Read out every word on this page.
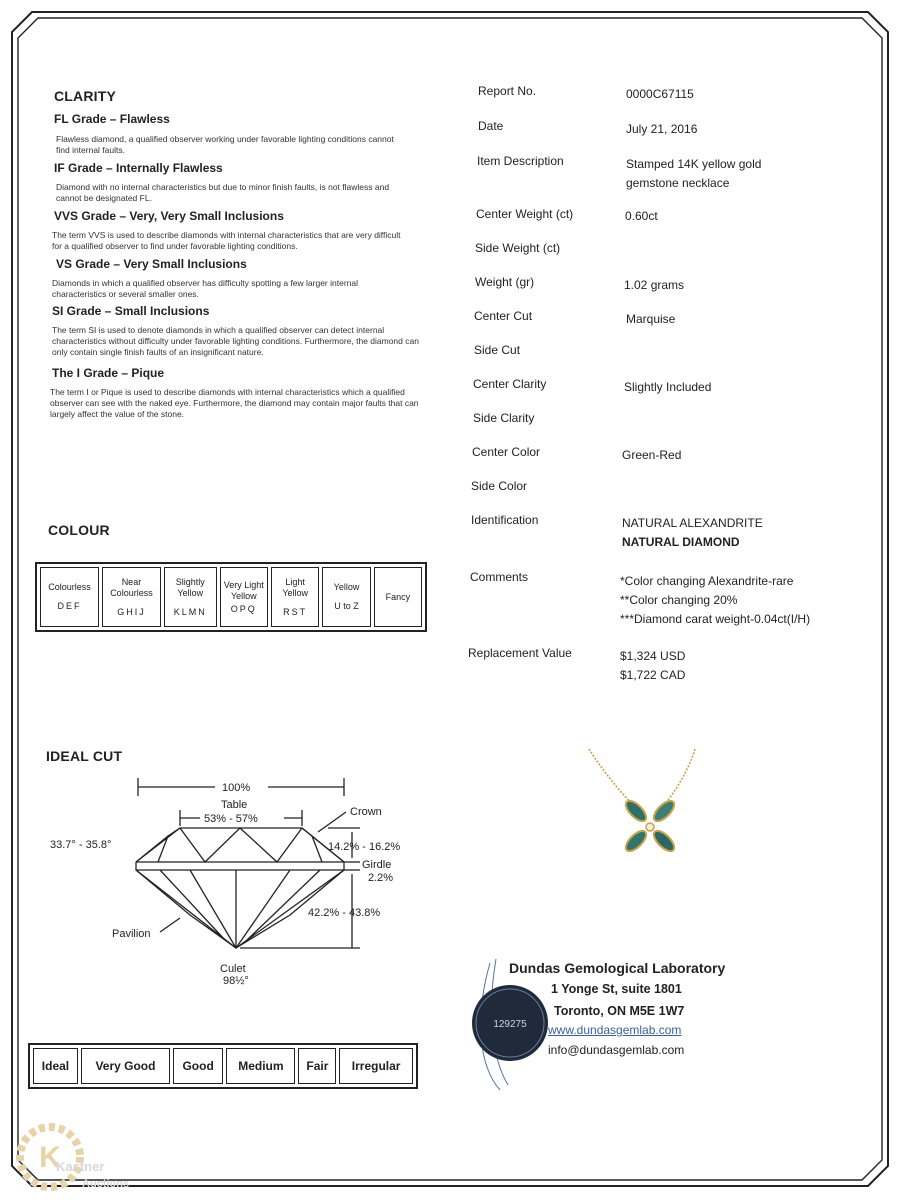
CLARITY
FL Grade – Flawless
Flawless diamond, a qualified observer working under favorable lighting conditions cannot find internal faults.
IF Grade – Internally Flawless
Diamond with no internal characteristics but due to minor finish faults, is not flawless and cannot be designated FL.
VVS Grade – Very, Very Small Inclusions
The term VVS is used to describe diamonds with internal characteristics that are very difficult for a qualified observer to find under favorable lighting conditions.
VS Grade – Very Small Inclusions
Diamonds in which a qualified observer has difficulty spotting a few larger internal characteristics or several smaller ones.
SI Grade – Small Inclusions
The term SI is used to denote diamonds in which a qualified observer can detect internal characteristics without difficulty under favorable lighting conditions. Furthermore, the diamond can only contain single finish faults of an insignificant nature.
The I Grade – Pique
The term I or Pique is used to describe diamonds with internal characteristics which a qualified observer can see with the naked eye. Furthermore, the diamond may contain major faults that can largely affect the value of the stone.
COLOUR
Colourless
DEF

Near Colourless
GHIJ

Slightly Yellow
KLMN

Very Light Yellow
OPQ

Light Yellow
RST

Yellow
U to Z

Fancy
IDEAL CUT
100%
Table
53% - 57%
Crown
33.7° - 35.8°	14.2% - 16.2%
Girdle
2.2%
42.2% - 43.8%
Pavilion
Culet
98½°
Ideal	Very Good	Good	Medium	Fair	Irregular
Report No.	0000C67115
Date	July 21, 2016
Item Description	Stamped 14K yellow gold
gemstone necklace
Center Weight (ct)	0.60ct
Side Weight (ct)
Weight (gr)	1.02 grams
Center Cut	Marquise
Side Cut
Center Clarity	Slightly Included
Side Clarity
Center Color	Green-Red
Side Color
Identification	NATURAL ALEXANDRITE
NATURAL DIAMOND
Comments	*Color changing Alexandrite-rare
**Color changing 20%
***Diamond carat weight-0.04ct(I/H)
Replacement Value	$1,324 USD
$1,722 CAD
129275
Dundas Gemological Laboratory
1 Yonge St, suite 1801
Toronto, ON M5E 1W7
www.dundasgemlab.com
info@dundasgemlab.com
K
Kastner
Auctions
